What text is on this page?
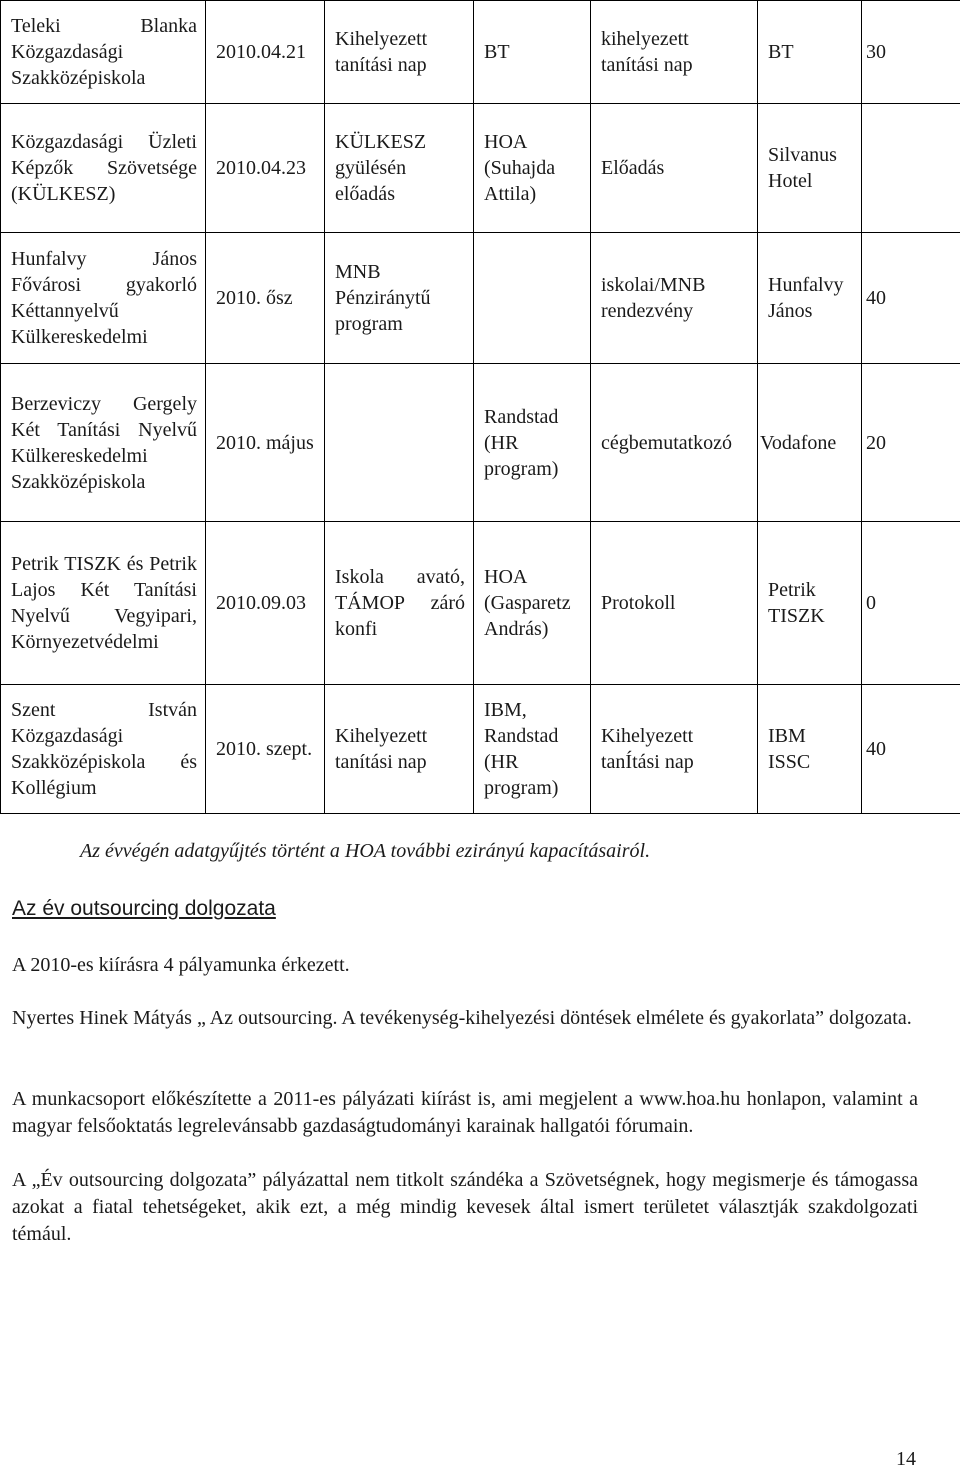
Teleki Blanka Közgazdasági Szakközépiskola	2010.04.21	Kihelyezett tanítási nap	BT	kihelyezett tanítási nap	BT	30

Közgazdasági Üzleti Képzők Szövetsége (KÜLKESZ)	2010.04.23	KÜLKESZ gyülésén előadás	HOA (Suhajda Attila)	Előadás	Silvanus Hotel	

Hunfalvy János Fővárosi gyakorló Kéttannyelvű Külkereskedelmi	2010. ősz	MNB Pénziránytű program		iskolai/MNB rendezvény	Hunfalvy János	40

Berzeviczy Gergely Két Tanítási Nyelvű Külkereskedelmi Szakközépiskola	2010. május		Randstad (HR program)	cégbemutatkozó	Vodafone	20

Petrik TISZK és Petrik Lajos Két Tanítási Nyelvű Vegyipari, Környezetvédelmi	2010.09.03	Iskola avató, TÁMOP záró konfi	HOA (Gasparetz András)	Protokoll	Petrik TISZK	0

Szent István Közgazdasági Szakközépiskola és Kollégium	2010. szept.	Kihelyezett tanítási nap	IBM, Randstad (HR program)	Kihelyezett tanÍtási nap	IBM ISSC	40
Az évvégén adatgyűjtés történt a HOA további ezirányú kapacításairól.
Az év outsourcing dolgozata

A 2010-es kiírásra 4 pályamunka érkezett.

Nyertes Hinek Mátyás „ Az outsourcing. A tevékenység-kihelyezési döntések elmélete és gyakorlata” dolgozata.

A munkacsoport előkészítette a 2011-es pályázati kiírást is, ami megjelent a www.hoa.hu honlapon, valamint a magyar felsőoktatás legrelevánsabb gazdaságtudományi karainak hallgatói fórumain.

A „Év outsourcing dolgozata” pályázattal nem titkolt szándéka a Szövetségnek, hogy megismerje és támogassa azokat a fiatal tehetségeket, akik ezt, a még mindig kevesek által ismert területet választják szakdolgozati témául.

14
